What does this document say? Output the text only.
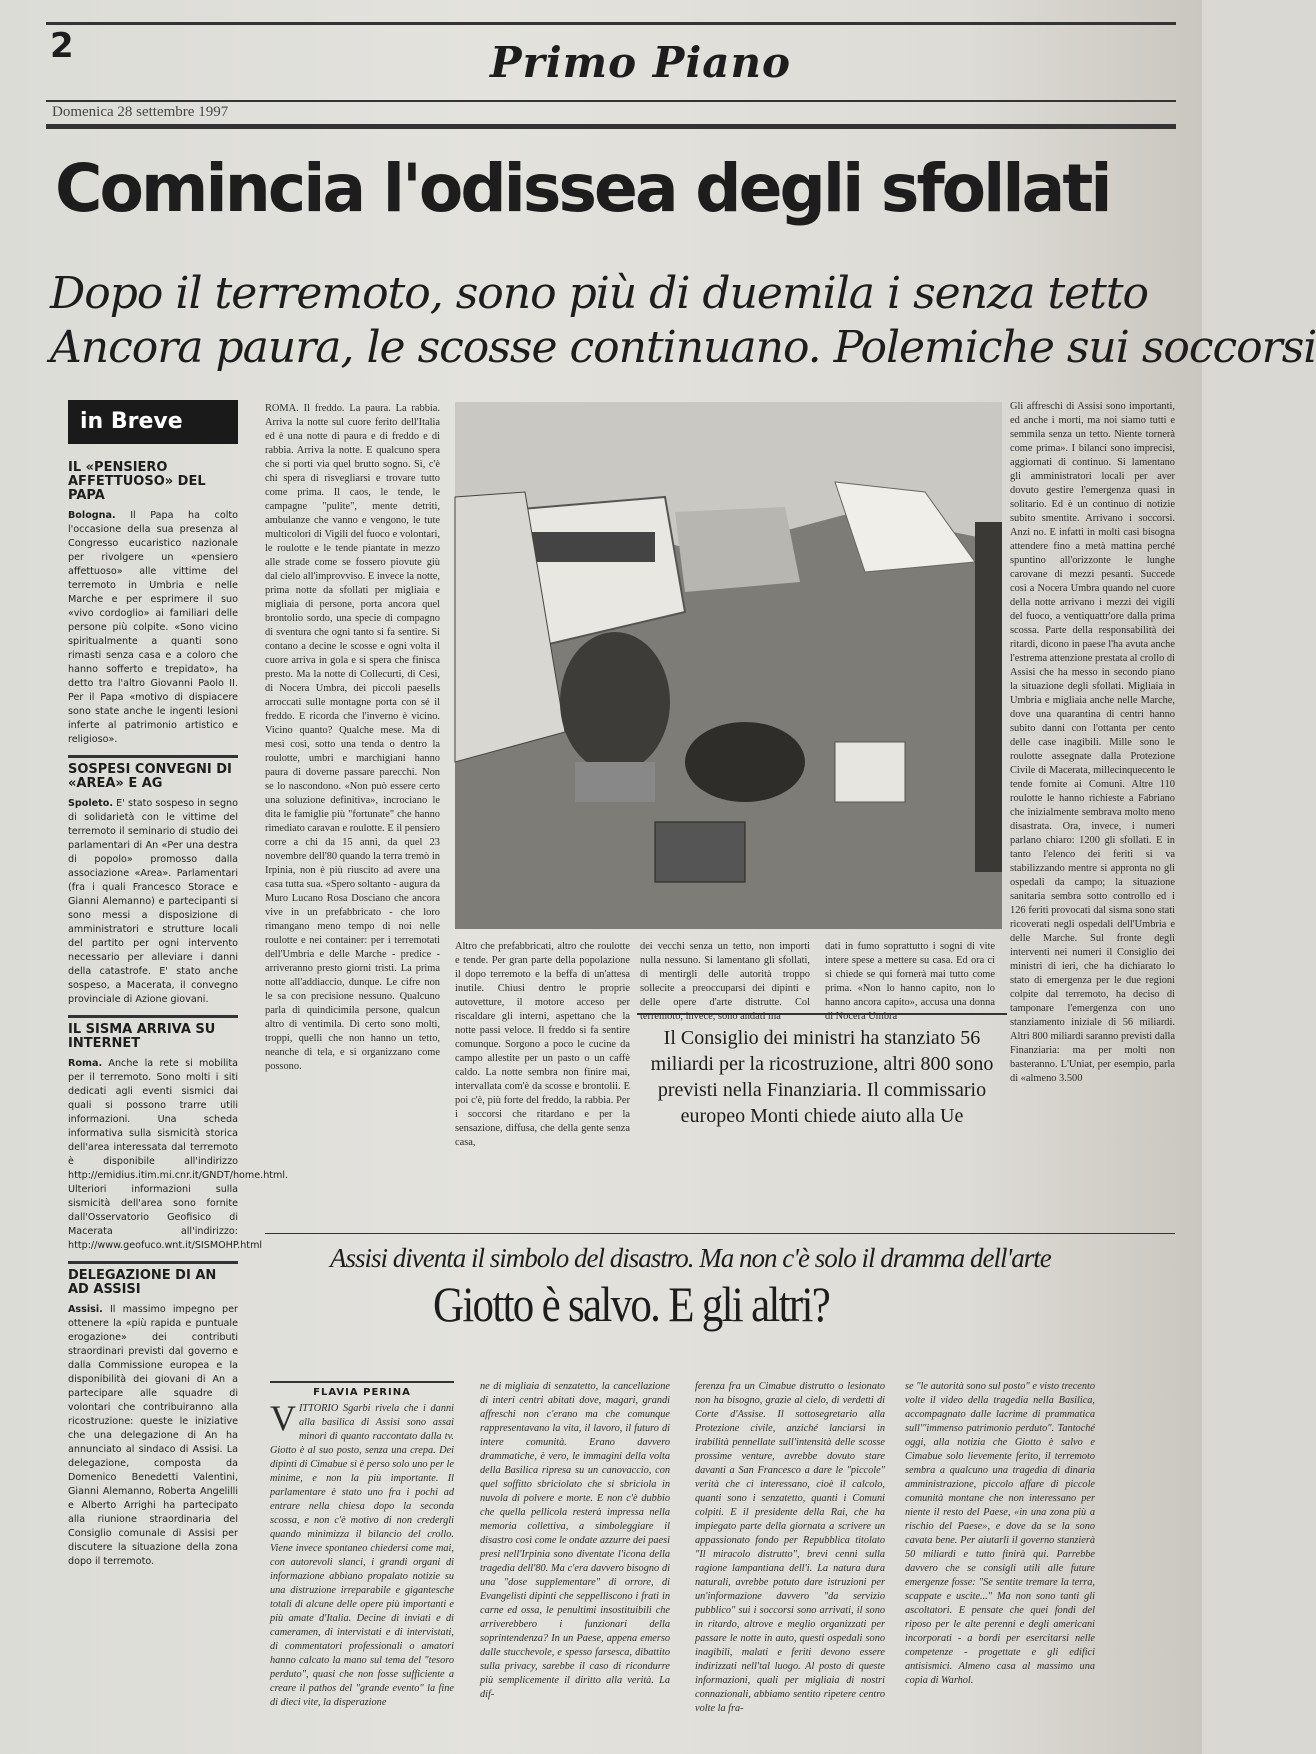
2	Primo Piano
Domenica 28 settembre 1997
Comincia l'odissea degli sfollati
Dopo il terremoto, sono più di duemila i senza tetto
Ancora paura, le scosse continuano. Polemiche sui soccorsi
in Breve
IL «PENSIERO AFFETTUOSO» DEL PAPA
Bologna. Il Papa ha colto l'occasione della sua presenza al Congresso eucaristico nazionale per rivolgere un «pensiero affettuoso» alle vittime del terremoto in Umbria e nelle Marche e per esprimere il suo «vivo cordoglio» ai familiari delle persone più colpite. «Sono vicino spiritualmente a quanti sono rimasti senza casa e a coloro che hanno sofferto e trepidato», ha detto tra l'altro Giovanni Paolo II. Per il Papa «motivo di dispiacere sono state anche le ingenti lesioni inferte al patrimonio artistico e religioso».
SOSPESI CONVEGNI DI «AREA» E AG
Spoleto. E' stato sospeso in segno di solidarietà con le vittime del terremoto il seminario di studio dei parlamentari di An «Per una destra di popolo» promosso dalla associazione «Area». Parlamentari (fra i quali Francesco Storace e Gianni Alemanno) e partecipanti si sono messi a disposizione di amministratori e strutture locali del partito per ogni intervento necessario per alleviare i danni della catastrofe. E' stato anche sospeso, a Macerata, il convegno provinciale di Azione giovani.
IL SISMA ARRIVA SU INTERNET
Roma. Anche la rete si mobilita per il terremoto. Sono molti i siti dedicati agli eventi sismici dai quali si possono trarre utili informazioni. Una scheda informativa sulla sismicità storica dell'area interessata dal terremoto è disponibile all'indirizzo http://emidius.itim.mi.cnr.it/GNDT/home.html. Ulteriori informazioni sulla sismicità dell'area sono fornite dall'Osservatorio Geofisico di Macerata all'indirizzo: http://www.geofuco.wnt.it/SISMOHP.html
DELEGAZIONE DI AN AD ASSISI
Assisi. Il massimo impegno per ottenere la «più rapida e puntuale erogazione» dei contributi straordinari previsti dal governo e dalla Commissione europea e la disponibilità dei giovani di An a partecipare alle squadre di volontari che contribuiranno alla ricostruzione: queste le iniziative che una delegazione di An ha annunciato al sindaco di Assisi. La delegazione, composta da Domenico Benedetti Valentini, Gianni Alemanno, Roberta Angelilli e Alberto Arrighi ha partecipato alla riunione straordinaria del Consiglio comunale di Assisi per discutere la situazione della zona dopo il terremoto.
ROMA. Il freddo. La paura. La rabbia. Arriva la notte sul cuore ferito dell'Italia ed è una notte di paura e di freddo e di rabbia. Arriva la notte. E qualcuno spera che si porti via quel brutto sogno. Sì, c'è chi spera di risvegliarsi e trovare tutto come prima. Il caos, le tende, le campagne "pulite", mente detriti, ambulanze che vanno e vengono, le tute multicolori di Vigili del fuoco e volontari, le roulotte e le tende piantate in mezzo alle strade come se fossero piovute giù dal cielo all'improvviso. E invece la notte, prima notte da sfollati per migliaia e migliaia di persone, porta ancora quel brontolio sordo, una specie di compagno di sventura che ogni tanto si fa sentire. Si contano a decine le scosse e ogni volta il cuore arriva in gola e si spera che finisca presto. Ma la notte di Collecurti, di Cesi, di Nocera Umbra, dei piccoli paesells arroccati sulle montagne porta con sé il freddo. E ricorda che l'inverno è vicino. Vicino quanto? Qualche mese. Ma di mesi così, sotto una tenda o dentro la roulotte, umbri e marchigiani hanno paura di doverne passare parecchi. Non se lo nascondono. «Non può essere certo una soluzione definitiva», incrociano le dita le famiglie più "fortunate" che hanno rimediato caravan e roulotte. E il pensiero corre a chi da 15 anni, da quel 23 novembre dell'80 quando la terra tremò in Irpinia, non è più riuscito ad avere una casa tutta sua. «Spero soltanto - augura da Muro Lucano Rosa Dosciano che ancora vive in un prefabbricato - che loro rimangano meno tempo di noi nelle roulotte e nei container: per i terremotati dell'Umbria e delle Marche - predice - arriveranno presto giorni tristi. La prima notte all'addiaccio, dunque. Le cifre non le sa con precisione nessuno. Qualcuno parla di quindicimila persone, qualcun altro di ventimila. Di certo sono molti, troppi, quelli che non hanno un tetto, neanche di tela, e si organizzano come possono.
Altro che prefabbricati, altro che roulotte e tende. Per gran parte della popolazione il dopo terremoto e la beffa di un'attesa inutile. Chiusi dentro le proprie autovetture, il motore acceso per riscaldare gli interni, aspettano che la notte passi veloce. Il freddo si fa sentire comunque. Sorgono a poco le cucine da campo allestite per un pasto o un caffè caldo. La notte sembra non finire mai, intervallata com'è da scosse e brontolii. E poi c'è, più forte del freddo, la rabbia. Per i soccorsi che ritardano e per la sensazione, diffusa, che della gente senza casa,
dei vecchi senza un tetto, non importi nulla nessuno. Si lamentano gli sfollati, di mentirgli delle autorità troppo sollecite a preoccuparsi dei dipinti e delle opere d'arte distrutte. Col terremoto, invece, sono andati ma
dati in fumo soprattutto i sogni di vite intere spese a mettere su casa. Ed ora ci si chiede se qui fornerà mai tutto come prima. «Non lo hanno capito, non lo hanno ancora capito», accusa una donna di Nocera Umbra
Il Consiglio dei ministri ha stanziato 56 miliardi per la ricostruzione, altri 800 sono previsti nella Finanziaria. Il commissario europeo Monti chiede aiuto alla Ue
Gli affreschi di Assisi sono importanti, ed anche i morti, ma noi siamo tutti e semmila senza un tetto. Niente tornerà come prima». I bilanci sono imprecisi, aggiornati di continuo. Si lamentano gli amministratori locali per aver dovuto gestire l'emergenza quasi in solitario. Ed è un continuo di notizie subito smentite. Arrivano i soccorsi. Anzi no. E infatti in molti casi bisogna attendere fino a metà mattina perché spuntino all'orizzonte le lunghe carovane di mezzi pesanti. Succede così a Nocera Umbra quando nel cuore della notte arrivano i mezzi dei vigili del fuoco, a ventiquattr'ore dalla prima scossa. Parte della responsabilità dei ritardi, dicono in paese l'ha avuta anche l'estrema attenzione prestata al crollo di Assisi che ha messo in secondo piano la situazione degli sfollati. Migliaia in Umbria e migliaia anche nelle Marche, dove una quarantina di centri hanno subito danni con l'ottanta per cento delle case inagibili. Mille sono le roulotte assegnate dalla Protezione Civile di Macerata, millecinquecento le tende fornite ai Comuni. Altre 110 roulotte le hanno richieste a Fabriano che inizialmente sembrava molto meno disastrata. Ora, invece, i numeri parlano chiaro: 1200 gli sfollati. E in tanto l'elenco dei feriti si va stabilizzando mentre si appronta no gli ospedali da campo; la situazione sanitaria sembra sotto controllo ed i 126 feriti provocati dal sisma sono stati ricoverati negli ospedali dell'Umbria e delle Marche. Sul fronte degli interventi nei numeri il Consiglio dei ministri di ieri, che ha dichiarato lo stato di emergenza per le due regioni colpite dal terremoto, ha deciso di tamponare l'emergenza con uno stanziamento iniziale di 56 miliardi. Altri 800 miliardi saranno previsti dalla Finanziaria: ma per molti non basteranno. L'Uniat, per esempio, parla di «almeno 3.500
Assisi diventa il simbolo del disastro. Ma non c'è solo il dramma dell'arte
Giotto è salvo. E gli altri?
FLAVIA PERINA
VITTORIO Sgarbi rivela che i danni alla basilica di Assisi sono assai minori di quanto raccontato dalla tv. Giotto è al suo posto, senza una crepa. Dei dipinti di Cimabue si è perso solo uno per le minime, e non la più importante. Il parlamentare è stato uno fra i pochi ad entrare nella chiesa dopo la seconda scossa, e non c'è motivo di non credergli quando minimizza il bilancio del crollo. Viene invece spontaneo chiedersi come mai, con autorevoli slanci, i grandi organi di informazione abbiano propalato notizie su una distruzione irreparabile e gigantesche totali di alcune delle opere più importanti e più amate d'Italia. Decine di inviati e di cameramen, di intervistati e di intervistati, di commentatori professionali o amatori hanno calcato la mano sul tema del "tesoro perduto", quasi che non fosse sufficiente a creare il pathos del "grande evento" la fine di dieci vite, la disperazione
ne di migliaia di senzatetto, la cancellazione di interi centri abitati dove, magari, grandi affreschi non c'erano ma che comunque rappresentavano la vita, il lavoro, il futuro di intere comunità. Erano davvero drammatiche, è vero, le immagini della volta della Basilica ripresa su un canovaccio, con quel soffitto sbriciolato che si sbriciola in nuvola di polvere e morte. E non c'è dubbio che quella pellicola resterà impressa nella memoria collettiva, a simboleggiare il disastro così come le ondate azzurre dei paesi presi nell'Irpinia sono diventate l'icona della tragedia dell'80. Ma c'era davvero bisogno di una "dose supplementare" di orrore, di Evangelisti dipinti che seppelliscono i frati in carne ed ossa, le penultimi insostituibili che arriverebbero i funzionari della soprintendenza? In un Paese, appena emerso dalle stucchevole, e spesso farsesca, dibattito sulla privacy, sarebbe il caso di ricondurre più semplicemente il diritto alla verità. La dif-
ferenza fra un Cimabue distrutto o lesionato non ha bisogno, grazie al cielo, di verdetti di Corte d'Assise. Il sottosegretario alla Protezione civile, anziché lanciarsi in irabilità pennellate sull'intensità delle scosse prossime venture, avrebbe dovuto stare davanti a San Francesco a dare le "piccole" verità che ci interessano, cioè il calcolo, quanti sono i senzatetto, quanti i Comuni colpiti. E il presidente della Rai, che ha impiegato parte della giornata a scrivere un appassionato fondo per Repubblica titolato "Il miracolo distrutto", brevi cenni sulla ragione lampantiana dell'i. La natura dura naturali, avrebbe potuto dare istruzioni per un'informazione davvero "da servizio pubblico" sui i soccorsi sono arrivati, il sono in ritardo, altrove e meglio organizzati per passare le notte in auto, questi ospedali sono inagibili, malati e feriti devono essere indirizzati nell'tal luogo. Al posto di queste informazioni, quali per migliaia di nostri connazionali, abbiamo sentito ripetere centro volte la fra-
se "le autorità sono sul posto" e visto trecento volte il video della tragedia nella Basilica, accompagnato dalle lacrime di prammatica sull'"immenso patrimonio perduto". Tantoché oggi, alla notizia che Giotto è salvo e Cimabue solo lievemente ferito, il terremoto sembra a qualcuno una tragedia di dinaria amministrazione, piccolo affare di piccole comunità montane che non interessano per niente il resto del Paese, «in una zona più a rischio del Paese», e dove da se la sono cavata bene. Per aiutarli il governo stanzierà 50 miliardi e tutto finirà qui. Parrebbe davvero che se consigli utili alle future emergenze fosse: "Se sentite tremare la terra, scappate e uscite..." Ma non sono tanti gli ascoltatori. E pensate che quei fondi del riposo per le alte perenni e degli americani incorporati - a bordi per esercitarsi nelle competenze - progettate e gli edifici antisismici. Almeno casa al massimo una copia di Warhol.
